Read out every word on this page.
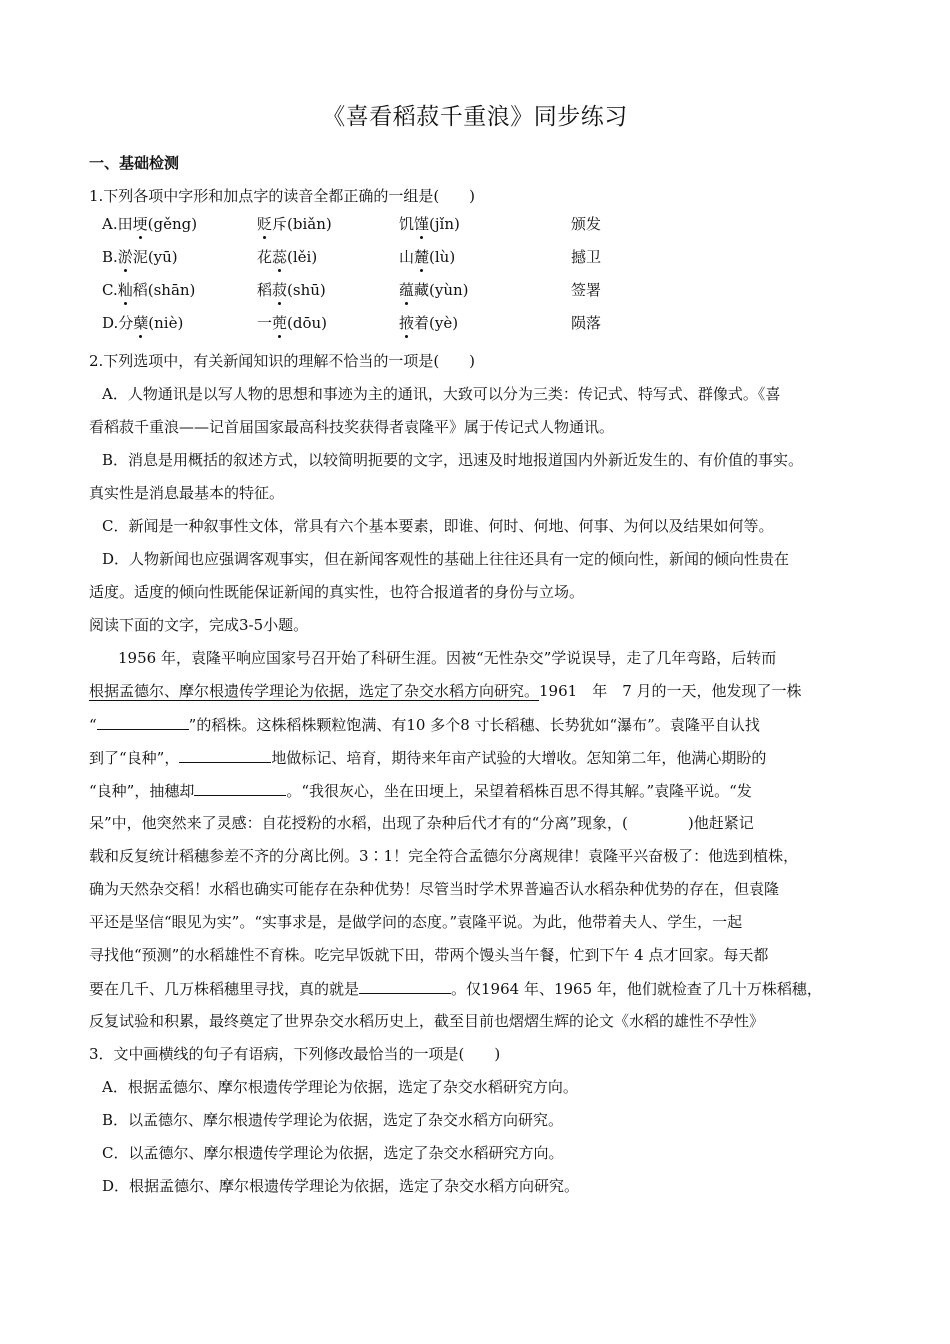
《喜看稻菽千重浪》同步练习
一、基础检测
1.下列各项中字形和加点字的读音全都正确的一组是(　　)
A.田埂(gěng)	贬斥(biǎn)	饥馑(jǐn)	颁发
B.淤泥(yū)	花蕊(lěi)	山麓(lù)	撼卫
C.籼稻(shān)	稻菽(shū)	蕴藏(yùn)	签署
D.分蘖(niè)	一蔸(dōu)	掖着(yè)	陨落
2.下列选项中，有关新闻知识的理解不恰当的一项是(　　)
A．人物通讯是以写人物的思想和事迹为主的通讯，大致可以分为三类：传记式、特写式、群像式。《喜
看稻菽千重浪——记首届国家最高科技奖获得者袁隆平》属于传记式人物通讯。
B．消息是用概括的叙述方式，以较简明扼要的文字，迅速及时地报道国内外新近发生的、有价值的事实。
真实性是消息最基本的特征。
C．新闻是一种叙事性文体，常具有六个基本要素，即谁、何时、何地、何事、为何以及结果如何等。
D．人物新闻也应强调客观事实，但在新闻客观性的基础上往往还具有一定的倾向性，新闻的倾向性贵在
适度。适度的倾向性既能保证新闻的真实性，也符合报道者的身份与立场。
阅读下面的文字，完成3-5小题。
1956 年，袁隆平响应国家号召开始了科研生涯。因被“无性杂交”学说误导，走了几年弯路，后转而
根据孟德尔、摩尔根遗传学理论为依据，选定了杂交水稻方向研究。1961　年　7 月的一天，他发现了一株
“	”的稻株。这株稻株颗粒饱满、有10 多个8 寸长稻穗、长势犹如“瀑布”。袁隆平自认找
到了“良种”，	地做标记、培育，期待来年亩产试验的大增收。怎知第二年，他满心期盼的
“良种”，抽穗却	。“我很灰心，坐在田埂上，呆望着稻株百思不得其解。”袁隆平说。“发
呆”中，他突然来了灵感：自花授粉的水稻，出现了杂种后代才有的“分离”现象，(　　　　)他赶紧记
载和反复统计稻穗参差不齐的分离比例。3∶1！完全符合孟德尔分离规律！袁隆平兴奋极了：他选到植株，
确为天然杂交稻！水稻也确实可能存在杂种优势！尽管当时学术界普遍否认水稻杂种优势的存在，但袁隆
平还是坚信“眼见为实”。“实事求是，是做学问的态度。”袁隆平说。为此，他带着夫人、学生，一起
寻找他“预测”的水稻雄性不育株。吃完早饭就下田，带两个馒头当午餐，忙到下午 4 点才回家。每天都
要在几千、几万株稻穗里寻找，真的就是	。仅1964 年、1965 年，他们就检查了几十万株稻穗，
反复试验和积累，最终奠定了世界杂交水稻历史上，截至目前也熠熠生辉的论文《水稻的雄性不孕性》
3．文中画横线的句子有语病，下列修改最恰当的一项是(　　)
A．根据孟德尔、摩尔根遗传学理论为依据，选定了杂交水稻研究方向。
B．以孟德尔、摩尔根遗传学理论为依据，选定了杂交水稻方向研究。
C．以孟德尔、摩尔根遗传学理论为依据，选定了杂交水稻研究方向。
D．根据孟德尔、摩尔根遗传学理论为依据，选定了杂交水稻方向研究。
